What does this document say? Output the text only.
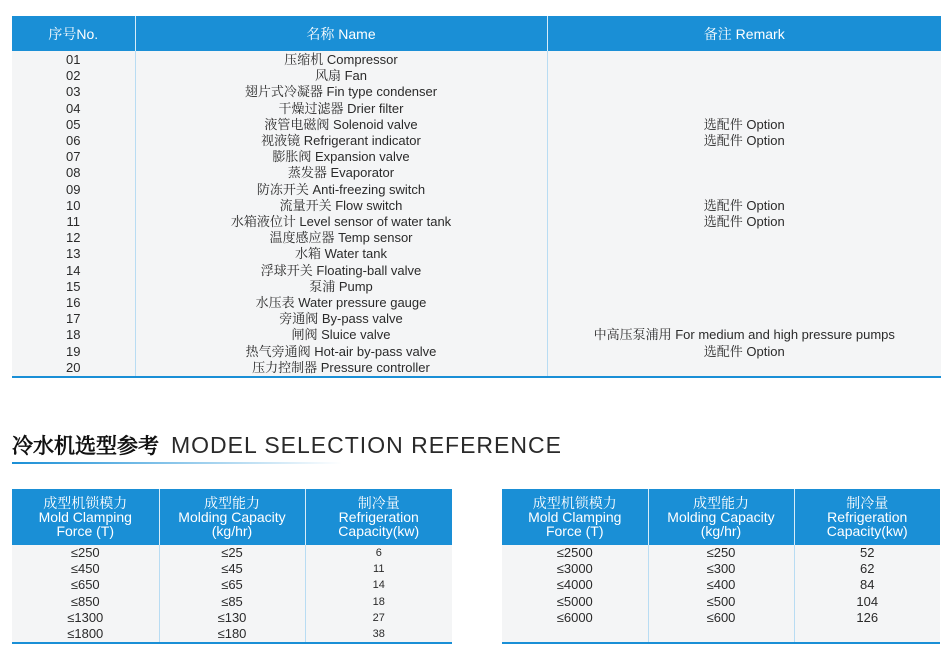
序号No.	名称 Name	备注 Remark
01	压缩机 Compressor	
02	风扇 Fan	
03	翅片式冷凝器 Fin type condenser	
04	干燥过滤器 Drier filter	
05	液管电磁阀 Solenoid valve	选配件 Option
06	视液镜 Refrigerant indicator	选配件 Option
07	膨胀阀 Expansion valve	
08	蒸发器 Evaporator	
09	防冻开关 Anti-freezing switch	
10	流量开关 Flow switch	选配件 Option
11	水箱液位计 Level sensor of water tank	选配件 Option
12	温度感应器 Temp sensor	
13	水箱 Water tank	
14	浮球开关 Floating-ball valve	
15	泵浦 Pump	
16	水压表 Water pressure gauge	
17	旁通阀 By-pass valve	
18	闸阀 Sluice valve	中高压泵浦用 For medium and high pressure pumps
19	热气旁通阀 Hot-air by-pass valve	选配件 Option
20	压力控制器 Pressure controller	
冷水机选型参考 MODEL SELECTION REFERENCE
成型机锁模力
Mold Clamping
Force (T)	成型能力
Molding Capacity
(kg/hr)	制冷量
Refrigeration
Capacity(kw)

≤250	≤25	6
≤450	≤45	11
≤650	≤65	14
≤850	≤85	18
≤1300	≤130	27
≤1800	≤180	38
成型机锁模力
Mold Clamping
Force (T)	成型能力
Molding Capacity
(kg/hr)	制冷量
Refrigeration
Capacity(kw)

≤2500	≤250	52
≤3000	≤300	62
≤4000	≤400	84
≤5000	≤500	104
≤6000	≤600	126
